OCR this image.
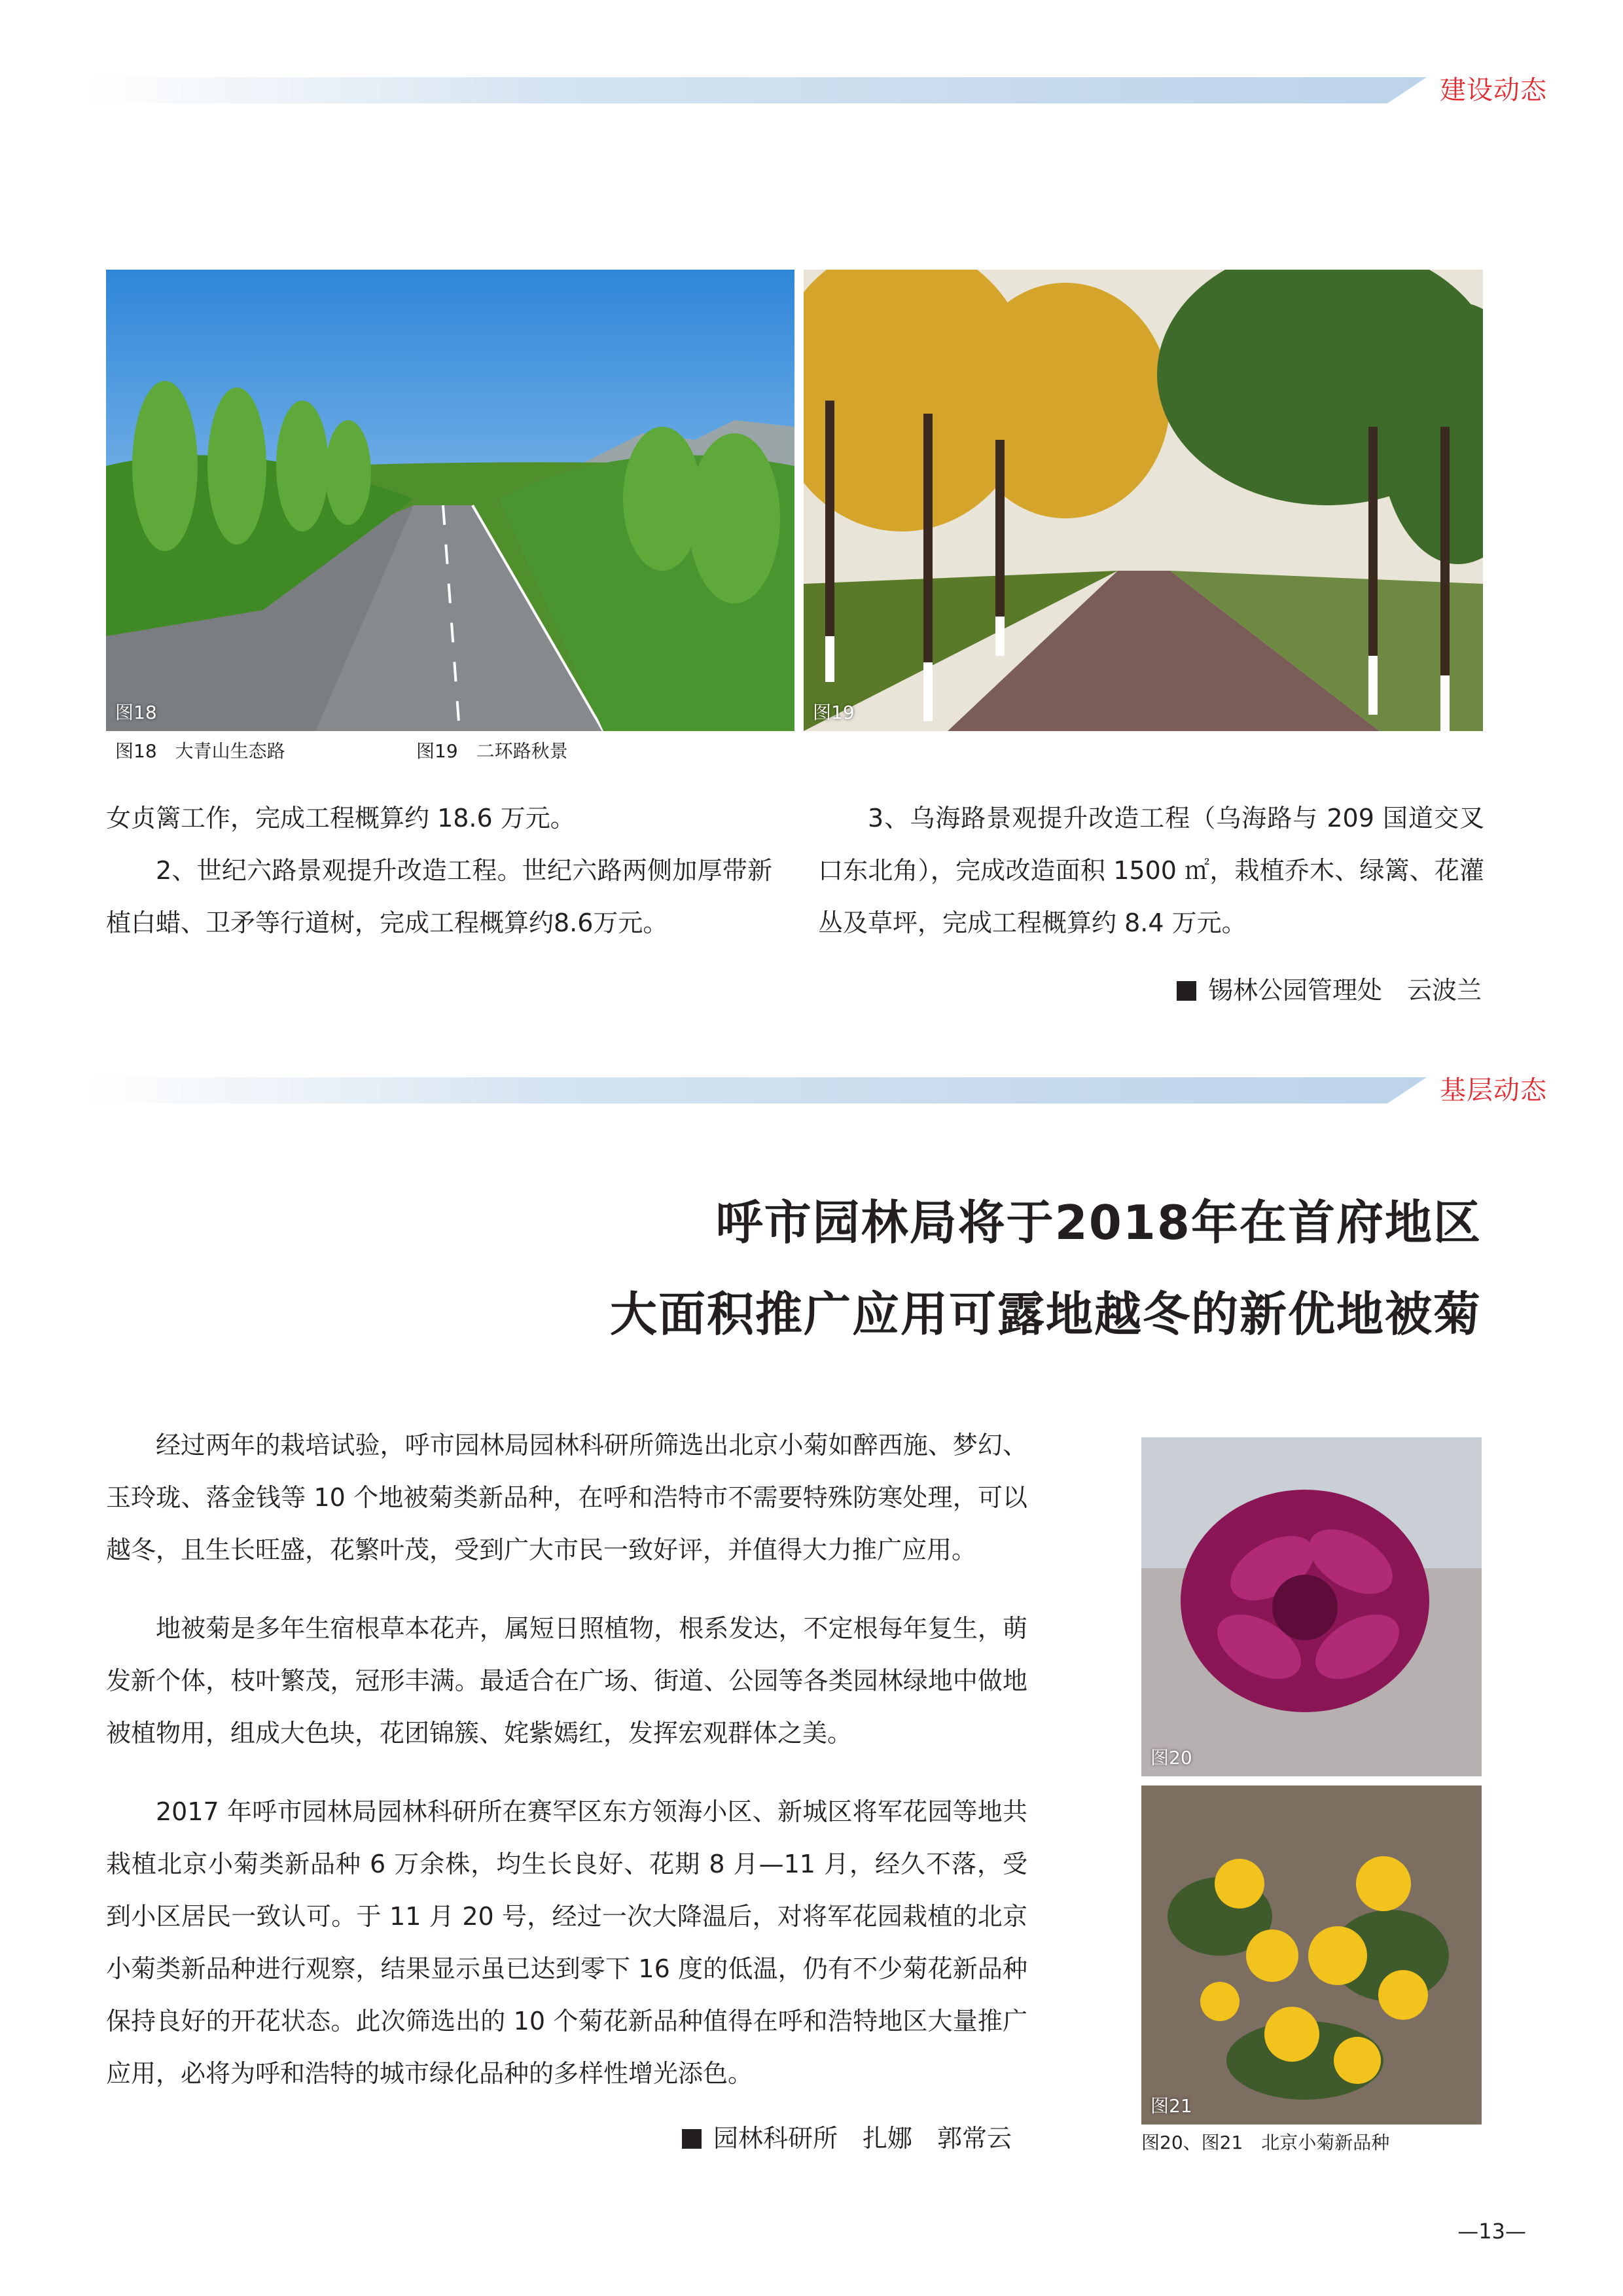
建设动态
图18	图19
图18　大青山生态路	图19　二环路秋景

女贞篱工作，完成工程概算约 18.6 万元。

2、世纪六路景观提升改造工程。世纪六路两侧加厚带新植白蜡、卫矛等行道树，完成工程概算约8.6万元。

3、乌海路景观提升改造工程（乌海路与 209 国道交叉口东北角），完成改造面积 1500 ㎡，栽植乔木、绿篱、花灌丛及草坪，完成工程概算约 8.4 万元。

锡林公园管理处　云波兰
基层动态
呼市园林局将于2018年在首府地区
大面积推广应用可露地越冬的新优地被菊

经过两年的栽培试验，呼市园林局园林科研所筛选出北京小菊如醉西施、梦幻、玉玲珑、落金钱等 10 个地被菊类新品种，在呼和浩特市不需要特殊防寒处理，可以越冬，且生长旺盛，花繁叶茂，受到广大市民一致好评，并值得大力推广应用。

地被菊是多年生宿根草本花卉，属短日照植物，根系发达，不定根每年复生，萌发新个体，枝叶繁茂，冠形丰满。最适合在广场、街道、公园等各类园林绿地中做地被植物用，组成大色块，花团锦簇、姹紫嫣红，发挥宏观群体之美。

2017 年呼市园林局园林科研所在赛罕区东方领海小区、新城区将军花园等地共栽植北京小菊类新品种 6 万余株，均生长良好、花期 8 月—11 月，经久不落，受到小区居民一致认可。于 11 月 20 号，经过一次大降温后，对将军花园栽植的北京小菊类新品种进行观察，结果显示虽已达到零下 16 度的低温，仍有不少菊花新品种保持良好的开花状态。此次筛选出的 10 个菊花新品种值得在呼和浩特地区大量推广应用，必将为呼和浩特的城市绿化品种的多样性增光添色。

园林科研所　扎娜　郭常云
图20
图21
图20、图21　北京小菊新品种
—13—
